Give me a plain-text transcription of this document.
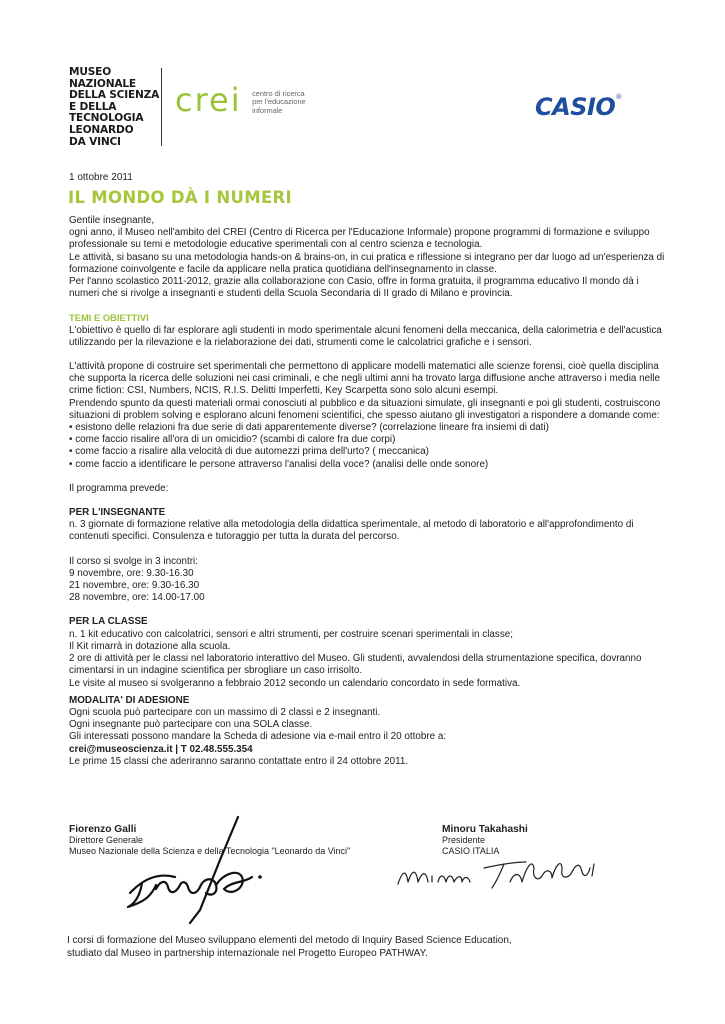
MUSEO
NAZIONALE
DELLA SCIENZA
E DELLA
TECNOLOGIA
LEONARDO
DA VINCI
crei centro di ricerca
per l'educazione
informale	CASIO®
1 ottobre 2011
IL MONDO DÀ I NUMERI

Gentile insegnante,

ogni anno, il Museo nell'ambito del CREI (Centro di Ricerca per l'Educazione Informale) propone programmi di formazione e sviluppo professionale su temi e metodologie educative sperimentali con al centro scienza e tecnologia.

Le attività, si basano su una metodologia hands-on & brains-on, in cui pratica e riflessione si integrano per dar luogo ad un'esperienza di formazione coinvolgente e facile da applicare nella pratica quotidiana dell'insegnamento in classe.

Per l'anno scolastico 2011-2012, grazie alla collaborazione con Casio, offre in forma gratuita, il programma educativo Il mondo dà i numeri che si rivolge a insegnanti e studenti della Scuola Secondaria di II grado di Milano e provincia.

TEMI E OBIETTIVI

L'obiettivo è quello di far esplorare agli studenti in modo sperimentale alcuni fenomeni della meccanica, della calorimetria e dell'acustica utilizzando per la rilevazione e la rielaborazione dei dati, strumenti come le calcolatrici grafiche e i sensori.

L'attività propone di costruire set sperimentali che permettono di applicare modelli matematici alle scienze forensi, cioè quella disciplina che supporta la ricerca delle soluzioni nei casi criminali, e che negli ultimi anni ha trovato larga diffusione anche attraverso i media nelle crime fiction: CSI, Numbers, NCIS, R.I.S. Delitti Imperfetti, Key Scarpetta sono solo alcuni esempi.

Prendendo spunto da questi materiali ormai conosciuti al pubblico e da situazioni simulate, gli insegnanti e poi gli studenti, costruiscono situazioni di problem solving e esplorano alcuni fenomeni scientifici, che spesso aiutano gli investigatori a rispondere a domande come:

• esistono delle relazioni fra due serie di dati apparentemente diverse? (correlazione lineare fra insiemi di dati)

• come faccio risalire all'ora di un omicidio? (scambi di calore fra due corpi)

• come faccio a risalire alla velocità di due automezzi prima dell'urto? ( meccanica)

• come faccio a identificare le persone attraverso l'analisi della voce? (analisi delle onde sonore)

Il programma prevede:

PER L'INSEGNANTE

n. 3 giornate di formazione relative alla metodologia della didattica sperimentale, al metodo di laboratorio e all'approfondimento di contenuti specifici. Consulenza e tutoraggio per tutta la durata del percorso.

Il corso si svolge in 3 incontri:

9 novembre, ore: 9.30-16.30

21 novembre, ore: 9.30-16.30

28 novembre, ore: 14.00-17.00

PER LA CLASSE

n. 1 kit educativo con calcolatrici, sensori e altri strumenti, per costruire scenari sperimentali in classe;

Il Kit rimarrà in dotazione alla scuola.

2 ore di attività per le classi nel laboratorio interattivo del Museo. Gli studenti, avvalendosi della strumentazione specifica, dovranno cimentarsi in un indagine scientifica per sbrogliare un caso irrisolto.

Le visite al museo si svolgeranno a febbraio 2012 secondo un calendario concordato in sede formativa.

MODALITA' DI ADESIONE

Ogni scuola può partecipare con un massimo di 2 classi e 2 insegnanti.

Ogni insegnante può partecipare con una SOLA classe.

Gli interessati possono mandare la Scheda di adesione via e-mail entro il 20 ottobre a:

crei@museoscienza.it | T 02.48.555.354

Le prime 15 classi che aderiranno saranno contattate entro il 24 ottobre 2011.

Fiorenzo Galli
Direttore Generale
Museo Nazionale della Scienza e della Tecnologia "Leonardo da Vinci"
Minoru Takahashi
Presidente
CASIO ITALIA
I corsi di formazione del Museo sviluppano elementi del metodo di Inquiry Based Science Education,
studiato dal Museo in partnership internazionale nel Progetto Europeo PATHWAY.
